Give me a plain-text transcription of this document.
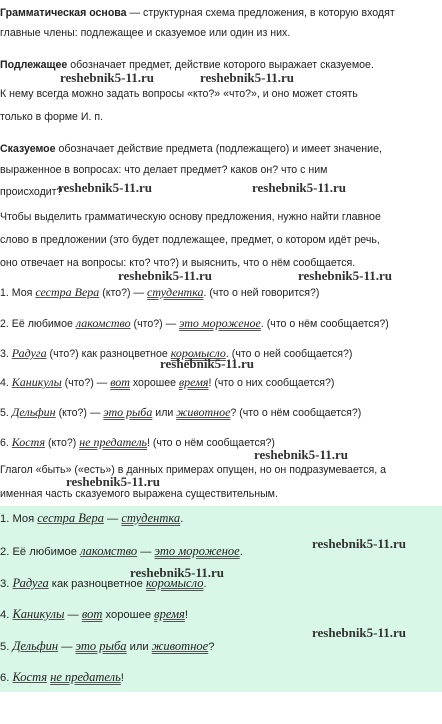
Грамматическая основа — структурная схема предложения, в которую входят
главные члены: подлежащее и сказуемое или один из них.
Подлежащее обозначает предмет, действие которого выражает сказуемое.
reshebnik5-11.ru	reshebnik5-11.ru
К нему всегда можно задать вопросы «кто?» «что?», и оно может стоять
только в форме И. п.
Сказуемое обозначает действие предмета (подлежащего) и имеет значение,
выраженное в вопросах: что делает предмет? каков он? что с ним
происходит?
reshebnik5-11.ru	reshebnik5-11.ru
Чтобы выделить грамматическую основу предложения, нужно найти главное
слово в предложении (это будет подлежащее, предмет, о котором идёт речь,
оно отвечает на вопросы: кто? что?) и выяснить, что о нём сообщается.
reshebnik5-11.ru	reshebnik5-11.ru
1. Моя сестра Вера (кто?) — студентка. (что о ней говорится?)
2. Её любимое лакомство (что?) — это мороженое. (что о нём сообщается?)
3. Радуга (что?) как разноцветное коромысло. (что о ней сообщается?)
reshebnik5-11.ru
4. Каникулы (что?) — вот хорошее время! (что о них сообщается?)
5. Дельфин (кто?) — это рыба или животное? (что о нём сообщается?)
6. Костя (кто?) не предатель! (что о нём сообщается?)
reshebnik5-11.ru
Глагол «быть» («есть») в данных примерах опущен, но он подразумевается, а
reshebnik5-11.ru
именная часть сказуемого выражена существительным.
1. Моя сестра Вера — студентка.
reshebnik5-11.ru
2. Её любимое лакомство — это мороженое.
reshebnik5-11.ru
3. Радуга как разноцветное коромысло.
4. Каникулы — вот хорошее время!
reshebnik5-11.ru
5. Дельфин — это рыба или животное?
6. Костя не предатель!
